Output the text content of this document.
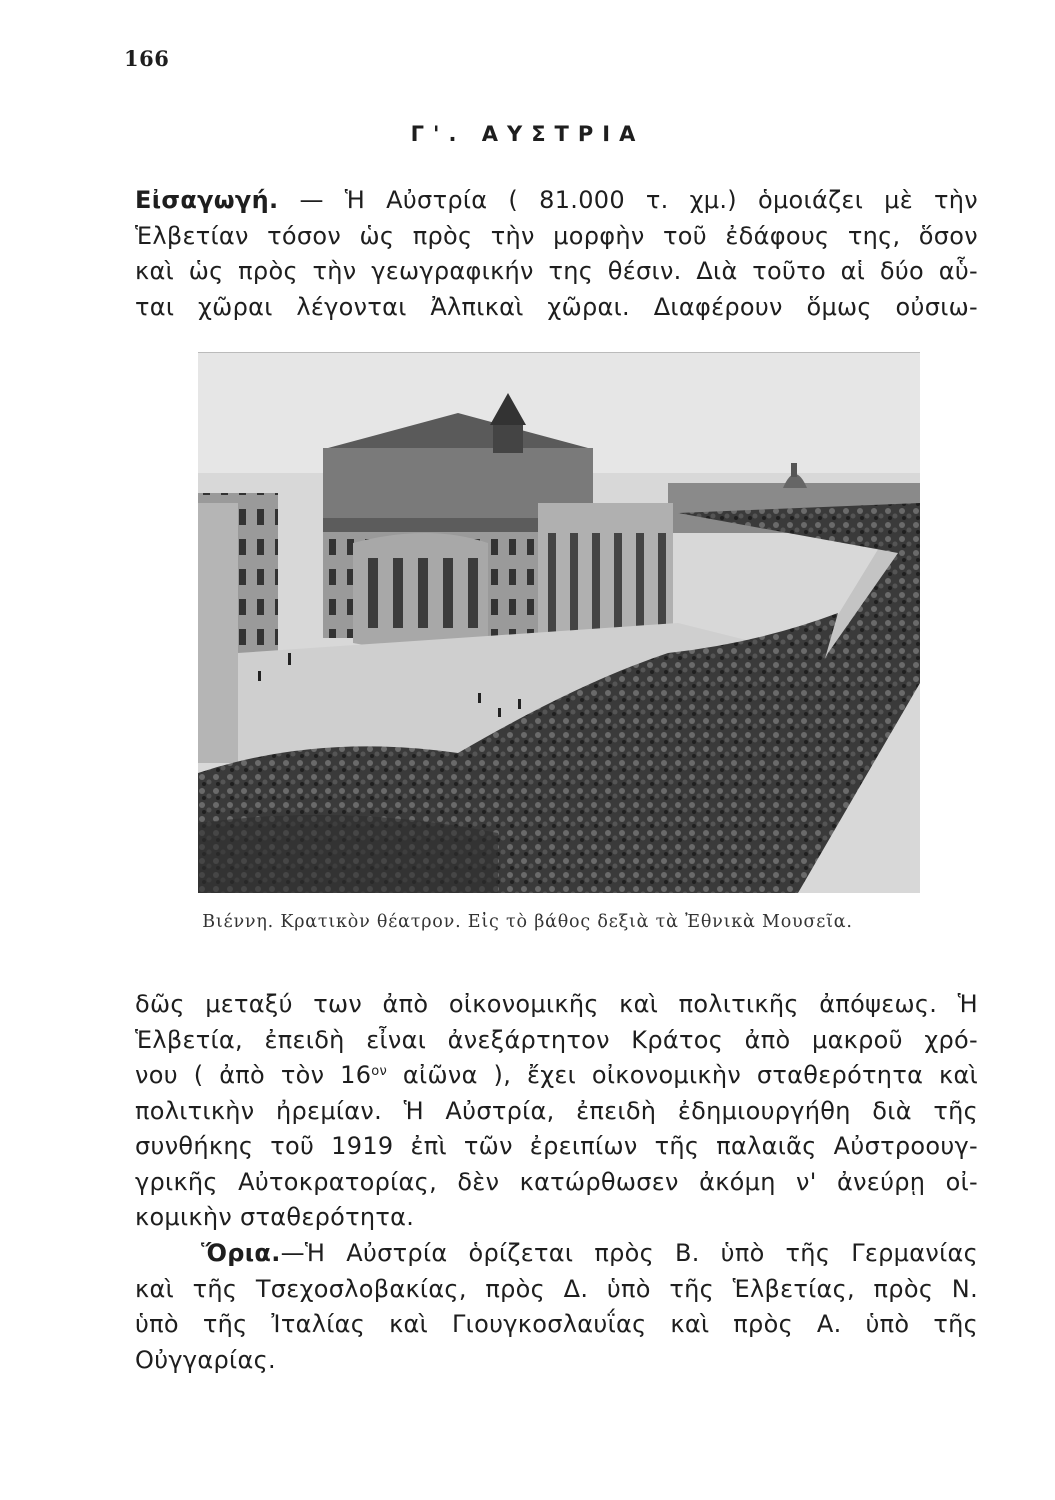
166
Γ'. ΑΥΣΤΡΙΑ
Εἰσαγωγή. — Ἡ Αὐστρία ( 81.000 τ. χμ.) ὁμοιάζει μὲ τὴν
Ἑλβετίαν τόσον ὡς πρὸς τὴν μορφὴν τοῦ ἐδάφους της, ὅσον
καὶ ὡς πρὸς τὴν γεωγραφικήν της θέσιν. Διὰ τοῦτο αἱ δύο αὗ-
ται χῶραι λέγονται Ἀλπικαὶ χῶραι. Διαφέρουν ὅμως οὐσιω-
Βιέννη. Κρατικὸν θέατρον. Εἰς τὸ βάθος δεξιὰ τὰ Ἐθνικὰ Μουσεῖα.
δῶς μεταξύ των ἀπὸ οἰκονομικῆς καὶ πολιτικῆς ἀπόψεως. Ἡ
Ἑλβετία, ἐπειδὴ εἶναι ἀνεξάρτητον Κράτος ἀπὸ μακροῦ χρό-
νου ( ἀπὸ τὸν $16^{o\nu}$ αἰῶνα ), ἔχει οἰκονομικὴν σταθερότητα καὶ
πολιτικὴν ἠρεμίαν. Ἡ Αὐστρία, ἐπειδὴ ἐδημιουργήθη διὰ τῆς
συνθήκης τοῦ 1919 ἐπὶ τῶν ἐρειπίων τῆς παλαιᾶς Αὐστροουγ-
γρικῆς Αὐτοκρατορίας, δὲν κατώρθωσεν ἀκόμη ν' ἀνεύρῃ οἰ-
κομικὴν σταθερότητα.
Ὅρια.—Ἡ Αὐστρία ὁρίζεται πρὸς Β. ὑπὸ τῆς Γερμανίας
καὶ τῆς Τσεχοσλοβακίας, πρὸς Δ. ὑπὸ τῆς Ἑλβετίας, πρὸς Ν.
ὑπὸ τῆς Ἰταλίας καὶ Γιουγκοσλαυΐας καὶ πρὸς Α. ὑπὸ τῆς
Οὐγγαρίας.
